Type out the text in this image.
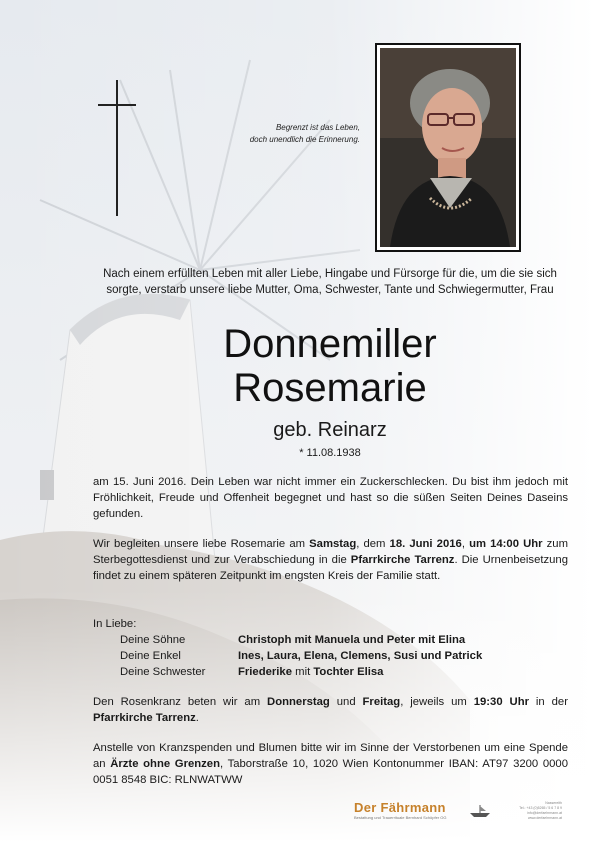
Begrenzt ist das Leben,
doch unendlich die Erinnerung.
Nach einem erfüllten Leben mit aller Liebe, Hingabe und Fürsorge für die, um die sie sich sorgte, verstarb unsere liebe Mutter, Oma, Schwester, Tante und Schwiegermutter, Frau
Donnemiller
Rosemarie
geb. Reinarz
* 11.08.1938
am 15. Juni 2016. Dein Leben war nicht immer ein Zuckerschlecken. Du bist ihm jedoch mit Fröhlichkeit, Freude und Offenheit begegnet und hast so die süßen Seiten Deines Daseins gefunden.
Wir begleiten unsere liebe Rosemarie am Samstag, dem 18. Juni 2016, um 14:00 Uhr zum Sterbegottesdienst und zur Verabschiedung in die Pfarrkirche Tarrenz. Die Urnenbeisetzung findet zu einem späteren Zeitpunkt im engsten Kreis der Familie statt.
In Liebe:
Deine Söhne	Christoph mit Manuela und Peter mit Elina
Deine Enkel	Ines, Laura, Elena, Clemens, Susi und Patrick
Deine Schwester	Friederike mit Tochter Elisa
Den Rosenkranz beten wir am Donnerstag und Freitag, jeweils um 19:30 Uhr in der Pfarrkirche Tarrenz.
Anstelle von Kranzspenden und Blumen bitte wir im Sinne der Verstorbenen um eine Spende an Ärzte ohne Grenzen, Taborstraße 10, 1020 Wien Kontonummer IBAN: AT97 3200 0000 0051 8548 BIC: RLNWATWW
Der Fährmann
Bestattung und Trauerrituale Bernhard Schöpfer OG
Nassereith
Tel.: +43 (0)5265 / 5 6 7 8 9
info@derfaehrmann.at www.derfaehrmann.at
